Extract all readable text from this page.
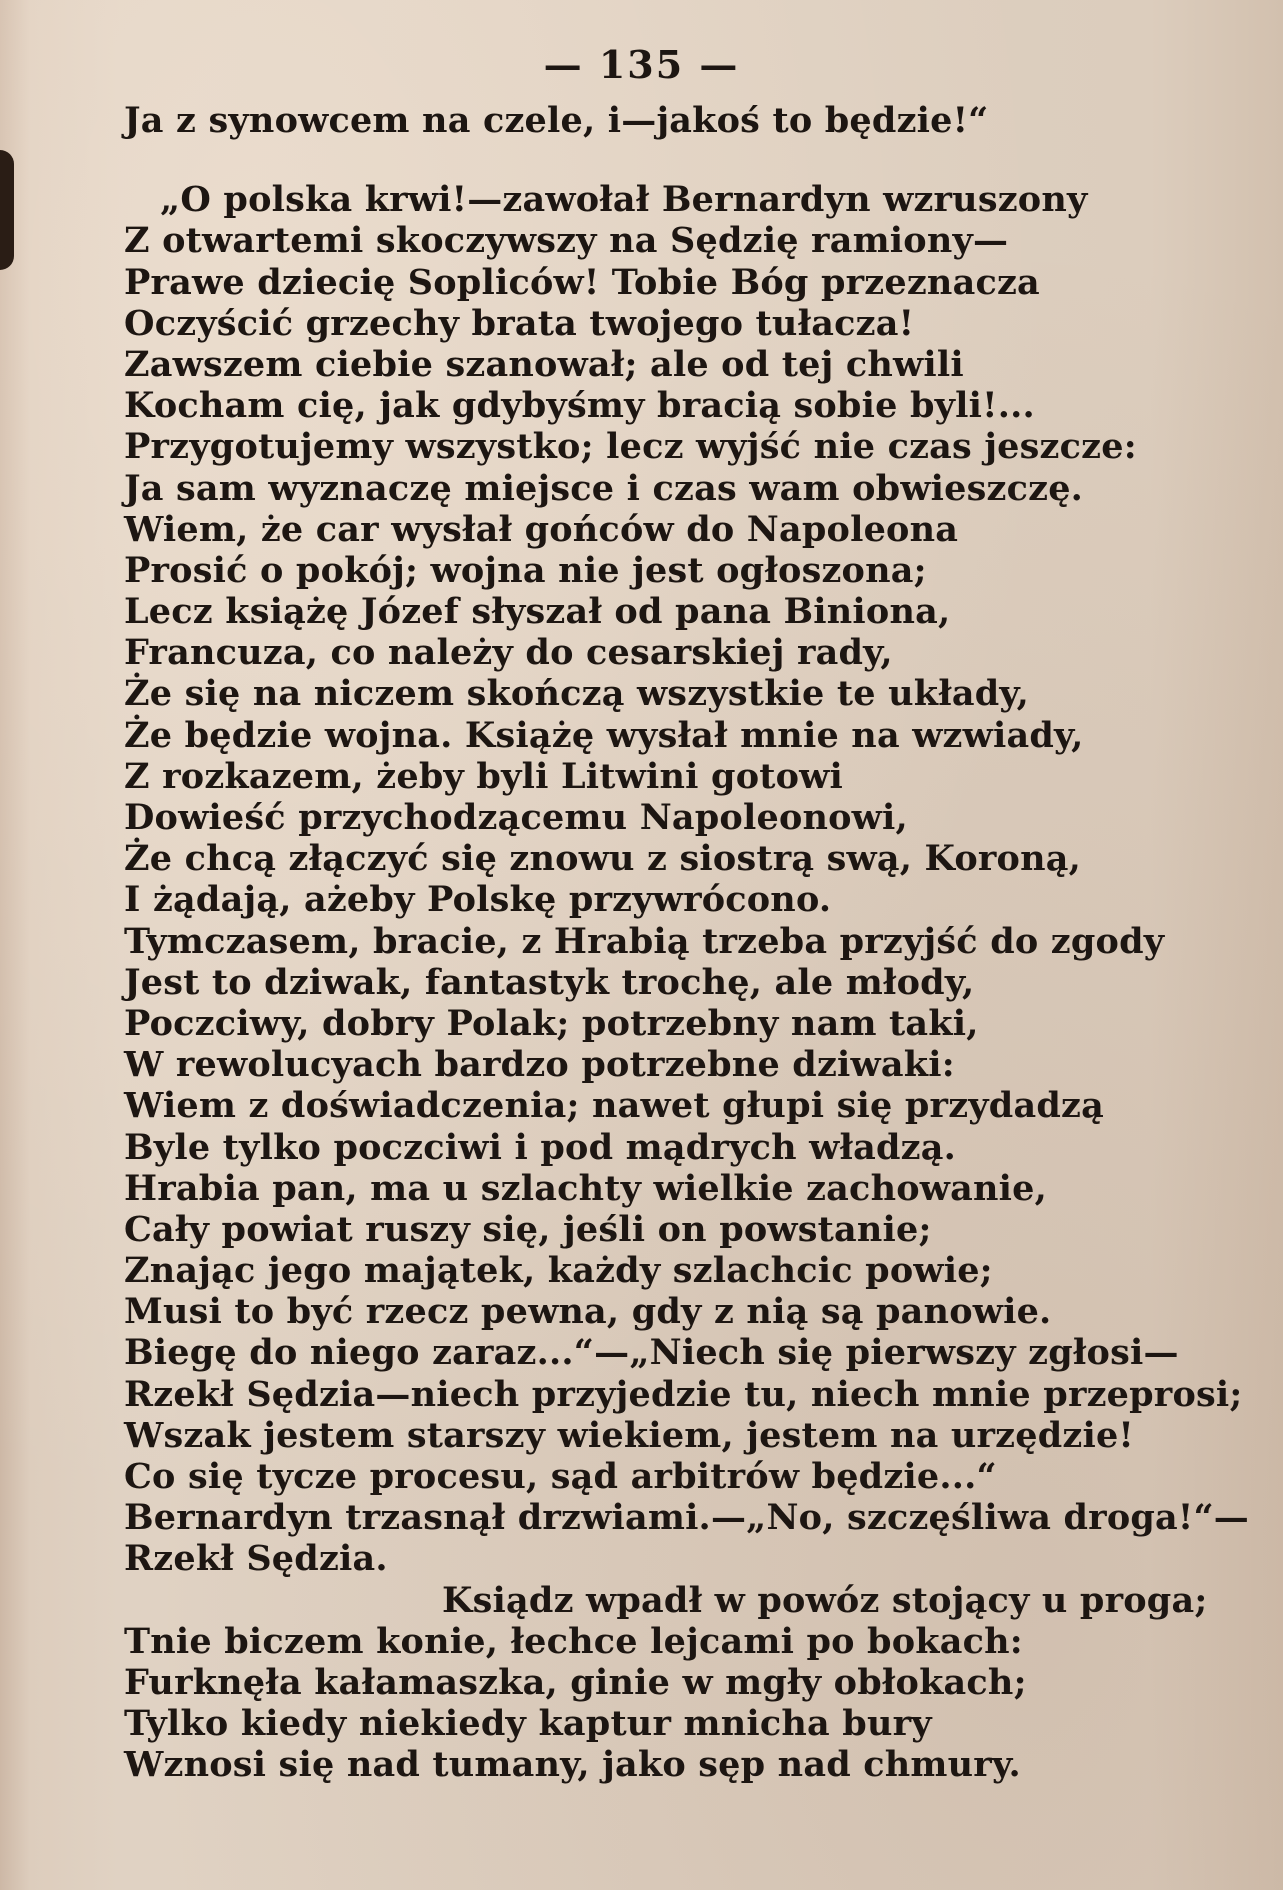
— 135 —
Ja z synowcem na czele, i—jakoś to będzie!“
„O polska krwi!—zawołał Bernardyn wzruszony
Z otwartemi skoczywszy na Sędzię ramiony—
Prawe dziecię Sopliców! Tobie Bóg przeznacza
Oczyścić grzechy brata twojego tułacza!
Zawszem ciebie szanował; ale od tej chwili
Kocham cię, jak gdybyśmy bracią sobie byli!...
Przygotujemy wszystko; lecz wyjść nie czas jeszcze:
Ja sam wyznaczę miejsce i czas wam obwieszczę.
Wiem, że car wysłał gońców do Napoleona
Prosić o pokój; wojna nie jest ogłoszona;
Lecz książę Józef słyszał od pana Biniona,
Francuza, co należy do cesarskiej rady,
Że się na niczem skończą wszystkie te układy,
Że będzie wojna. Książę wysłał mnie na wzwiady,
Z rozkazem, żeby byli Litwini gotowi
Dowieść przychodzącemu Napoleonowi,
Że chcą złączyć się znowu z siostrą swą, Koroną,
I żądają, ażeby Polskę przywrócono.
Tymczasem, bracie, z Hrabią trzeba przyjść do zgody
Jest to dziwak, fantastyk trochę, ale młody,
Poczciwy, dobry Polak; potrzebny nam taki,
W rewolucyach bardzo potrzebne dziwaki:
Wiem z doświadczenia; nawet głupi się przydadzą
Byle tylko poczciwi i pod mądrych władzą.
Hrabia pan, ma u szlachty wielkie zachowanie,
Cały powiat ruszy się, jeśli on powstanie;
Znając jego majątek, każdy szlachcic powie;
Musi to być rzecz pewna, gdy z nią są panowie.
Biegę do niego zaraz...“—„Niech się pierwszy zgłosi—
Rzekł Sędzia—niech przyjedzie tu, niech mnie przeprosi;
Wszak jestem starszy wiekiem, jestem na urzędzie!
Co się tycze procesu, sąd arbitrów będzie...“
Bernardyn trzasnął drzwiami.—„No, szczęśliwa droga!“—
Rzekł Sędzia.
Ksiądz wpadł w powóz stojący u proga;
Tnie biczem konie, łechce lejcami po bokach:
Furknęła kałamaszka, ginie w mgły obłokach;
Tylko kiedy niekiedy kaptur mnicha bury
Wznosi się nad tumany, jako sęp nad chmury.
